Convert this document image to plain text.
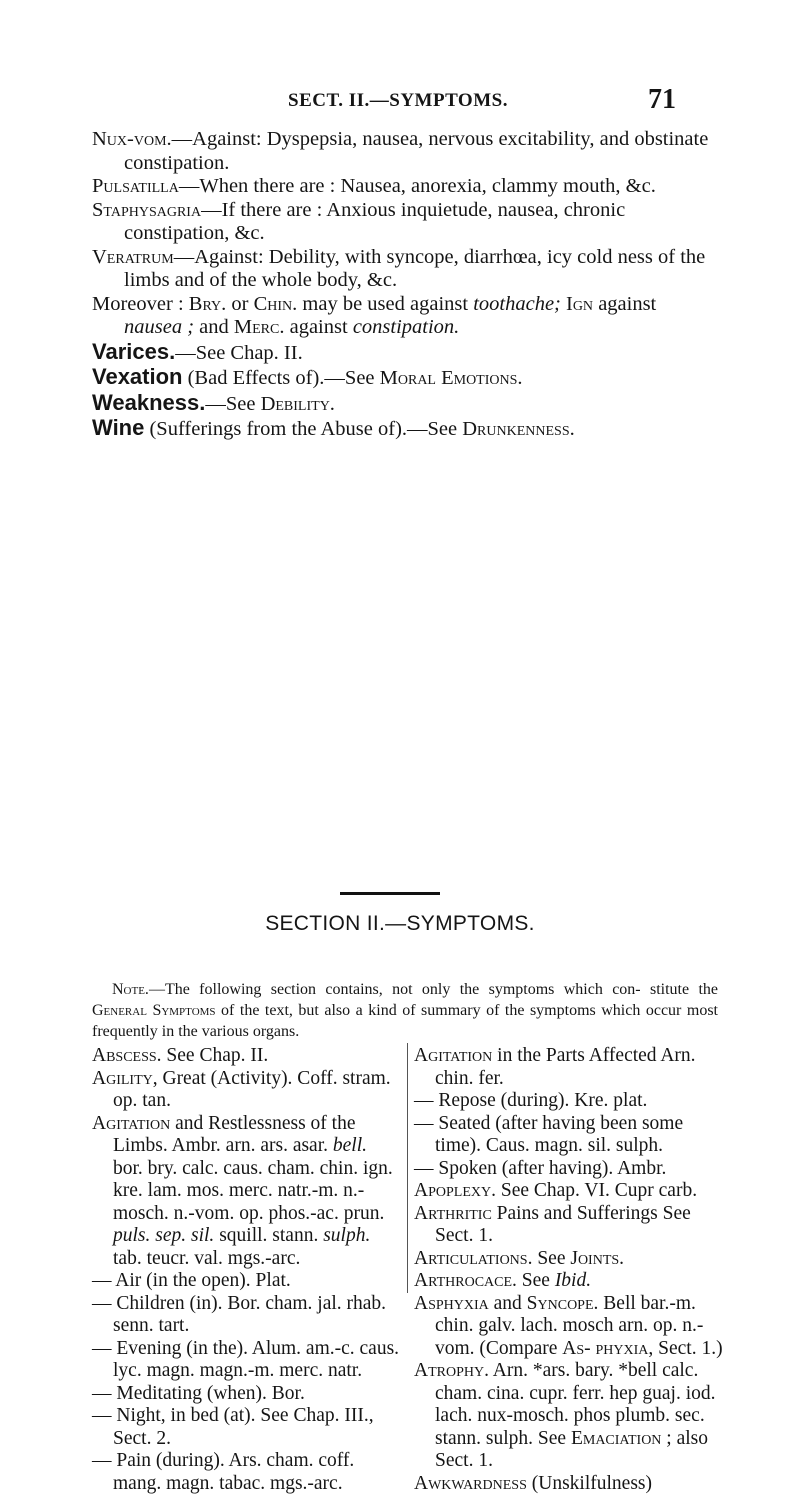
SECT. II.—SYMPTOMS.	71

Nux-vom.—Against: Dyspepsia, nausea, nervous excitability, and obstinate constipation.

Pulsatilla—When there are : Nausea, anorexia, clammy mouth, &c.

Staphysagria—If there are : Anxious inquietude, nausea, chronic constipation, &c.

Veratrum—Against: Debility, with syncope, diarrhœa, icy cold ness of the limbs and of the whole body, &c.

Moreover : Bry. or Chin. may be used against toothache; Ign against nausea ; and Merc. against constipation.

Varices.—See Chap. II.

Vexation (Bad Effects of).—See Moral Emotions.

Weakness.—See Debility.

Wine (Sufferings from the Abuse of).—See Drunkenness.

SECTION II.—SYMPTOMS.

Note.—The following section contains, not only the symptoms which con- stitute the General Symptoms of the text, but also a kind of summary of the symptoms which occur most frequently in the various organs.

Abscess. See Chap. II.

Agility, Great (Activity). Coff. stram. op. tan.

Agitation and Restlessness of the Limbs. Ambr. arn. ars. asar. bell. bor. bry. calc. caus. cham. chin. ign. kre. lam. mos. merc. natr.-m. n.-mosch. n.-vom. op. phos.-ac. prun. puls. sep. sil. squill. stann. sulph. tab. teucr. val. mgs.-arc.

— Air (in the open). Plat.

— Children (in). Bor. cham. jal. rhab. senn. tart.

— Evening (in the). Alum. am.-c. caus. lyc. magn. magn.-m. merc. natr.

— Meditating (when). Bor.

— Night, in bed (at). See Chap. III., Sect. 2.

— Pain (during). Ars. cham. coff. mang. magn. tabac. mgs.-arc.

Agitation in the Parts Affected Arn. chin. fer.

— Repose (during). Kre. plat.

— Seated (after having been some time). Caus. magn. sil. sulph.

— Spoken (after having). Ambr.

Apoplexy. See Chap. VI. Cupr carb.

Arthritic Pains and Sufferings See Sect. 1.

Articulations. See Joints.

Arthrocace. See Ibid.

Asphyxia and Syncope. Bell bar.-m. chin. galv. lach. mosch arn. op. n.-vom. (Compare As- phyxia, Sect. 1.)

Atrophy. Arn. *ars. bary. *bell calc. cham. cina. cupr. ferr. hep guaj. iod. lach. nux-mosch. phos plumb. sec. stann. sulph. See Emaciation ; also Sect. 1.

Awkwardness (Unskilfulness)
